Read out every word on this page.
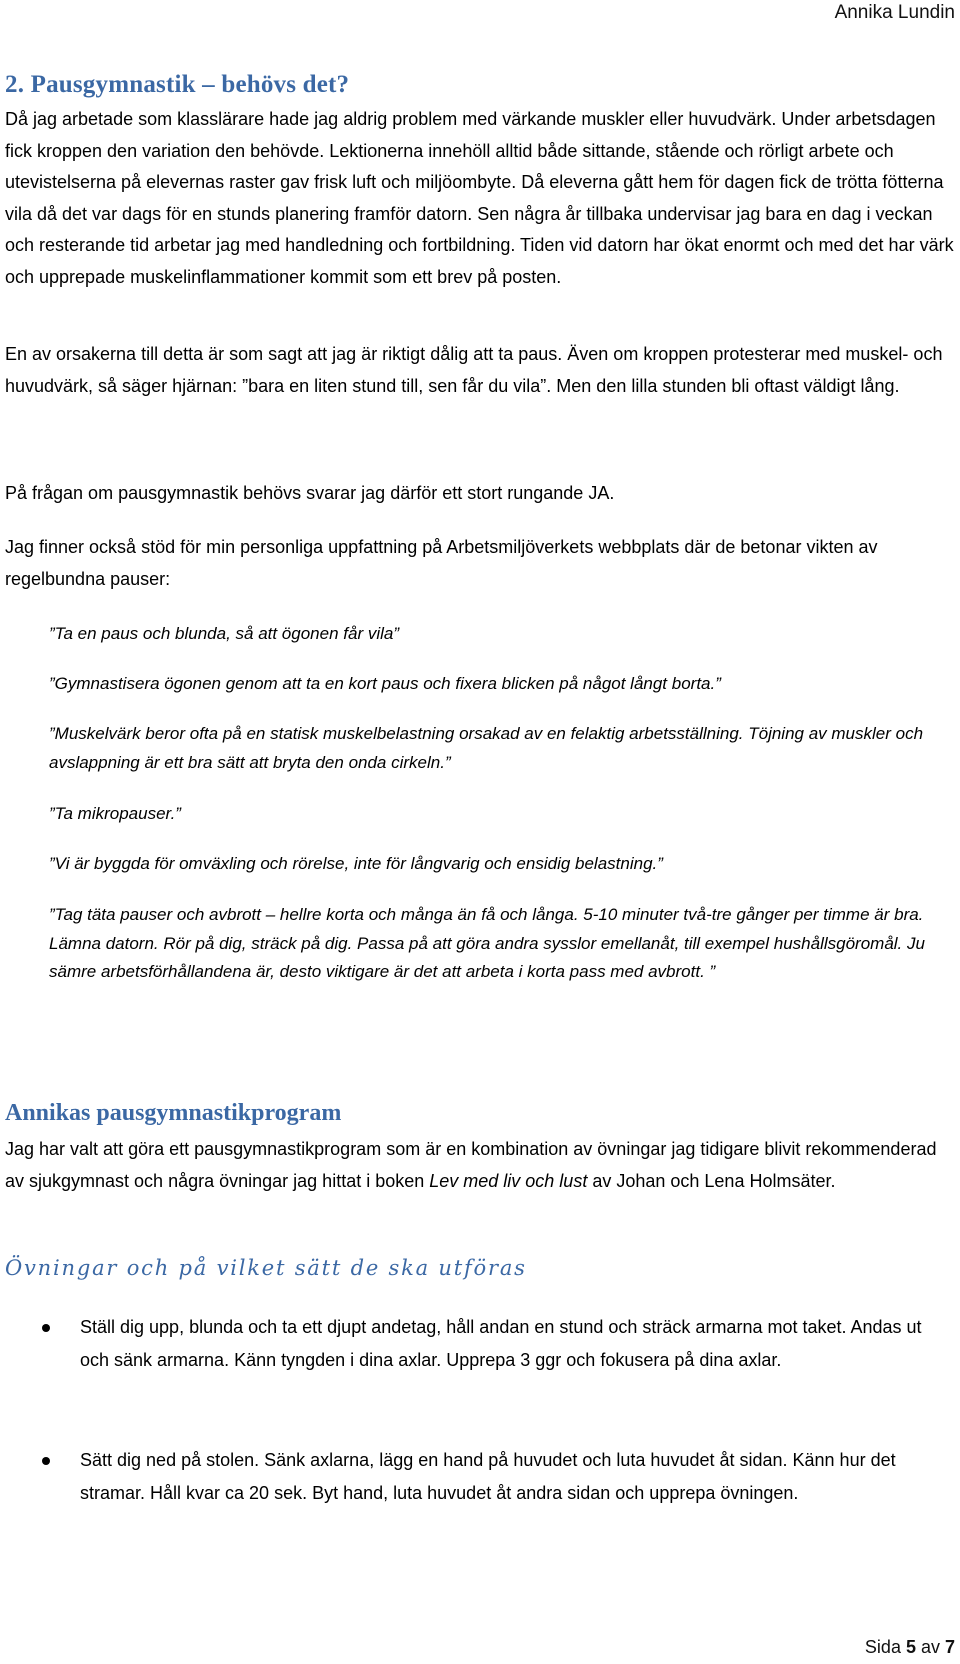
Annika Lundin
2. Pausgymnastik – behövs det?

Då jag arbetade som klasslärare hade jag aldrig problem med värkande muskler eller huvudvärk. Under arbetsdagen fick kroppen den variation den behövde. Lektionerna innehöll alltid både sittande, stående och rörligt arbete och utevistelserna på elevernas raster gav frisk luft och miljöombyte. Då eleverna gått hem för dagen fick de trötta fötterna vila då det var dags för en stunds planering framför datorn. Sen några år tillbaka undervisar jag bara en dag i veckan och resterande tid arbetar jag med handledning och fortbildning. Tiden vid datorn har ökat enormt och med det har värk och upprepade muskelinflammationer kommit som ett brev på posten.

En av orsakerna till detta är som sagt att jag är riktigt dålig att ta paus. Även om kroppen protesterar med muskel- och huvudvärk, så säger hjärnan: ”bara en liten stund till, sen får du vila”. Men den lilla stunden bli oftast väldigt lång.

På frågan om pausgymnastik behövs svarar jag därför ett stort rungande JA.

Jag finner också stöd för min personliga uppfattning på Arbetsmiljöverkets webbplats där de betonar vikten av regelbundna pauser:

”Ta en paus och blunda, så att ögonen får vila”

”Gymnastisera ögonen genom att ta en kort paus och fixera blicken på något långt borta.”

”Muskelvärk beror ofta på en statisk muskelbelastning orsakad av en felaktig arbetsställning. Töjning av muskler och avslappning är ett bra sätt att bryta den onda cirkeln.”

”Ta mikropauser.”

”Vi är byggda för omväxling och rörelse, inte för långvarig och ensidig belastning.”

”Tag täta pauser och avbrott – hellre korta och många än få och långa. 5-10 minuter två-tre gånger per timme är bra. Lämna datorn. Rör på dig, sträck på dig. Passa på att göra andra sysslor emellanåt, till exempel hushållsgöromål. Ju sämre arbetsförhållandena är, desto viktigare är det att arbeta i korta pass med avbrott. ”

Annikas pausgymnastikprogram

Jag har valt att göra ett pausgymnastikprogram som är en kombination av övningar jag tidigare blivit rekommenderad av sjukgymnast och några övningar jag hittat i boken Lev med liv och lust av Johan och Lena Holmsäter.

Övningar och på vilket sätt de ska utföras

Ställ dig upp, blunda och ta ett djupt andetag, håll andan en stund och sträck armarna mot taket. Andas ut och sänk armarna. Känn tyngden i dina axlar. Upprepa 3 ggr och fokusera på dina axlar.

Sätt dig ned på stolen. Sänk axlarna, lägg en hand på huvudet och luta huvudet åt sidan. Känn hur det stramar. Håll kvar ca 20 sek. Byt hand, luta huvudet åt andra sidan och upprepa övningen.

Sida 5 av 7
